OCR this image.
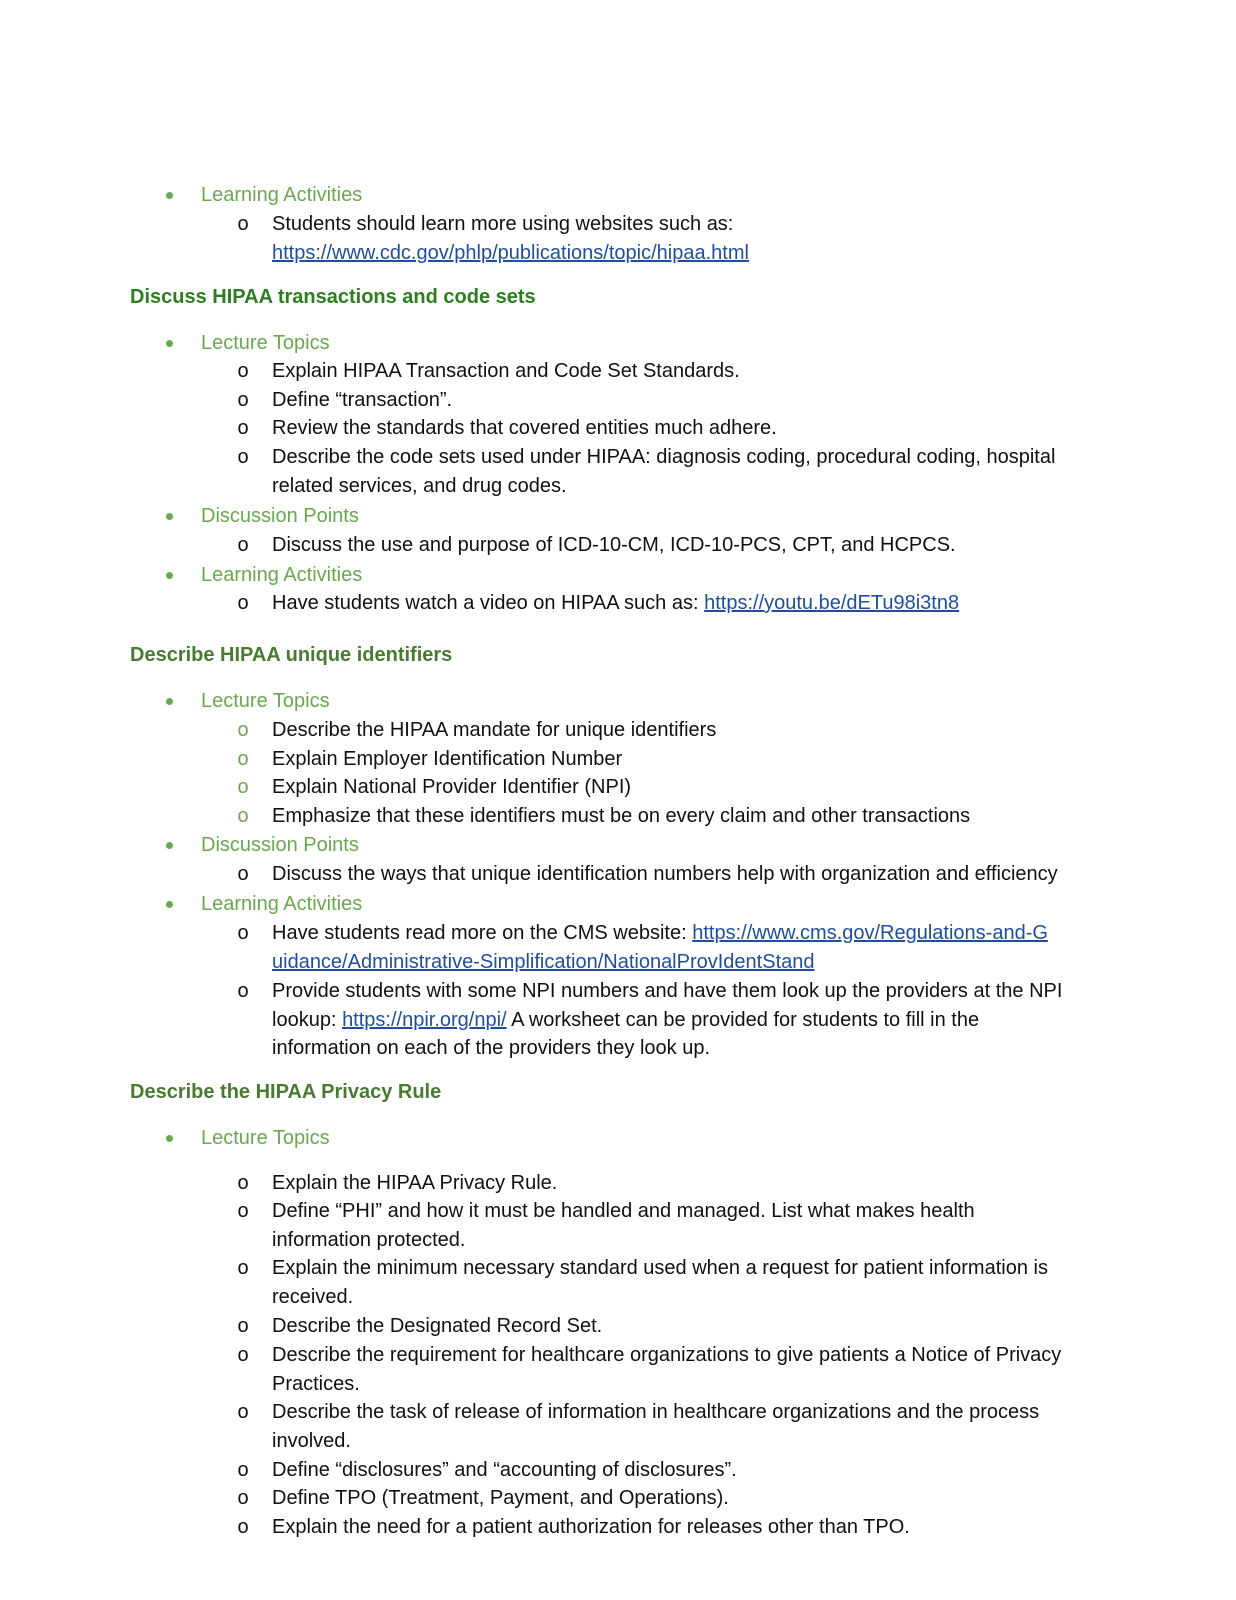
Learning Activities
o Students should learn more using websites such as:
https://www.cdc.gov/phlp/publications/topic/hipaa.html
Discuss HIPAA transactions and code sets
Lecture Topics
o Explain HIPAA Transaction and Code Set Standards.
o Define “transaction”.
o Review the standards that covered entities much adhere.
o Describe the code sets used under HIPAA: diagnosis coding, procedural coding, hospital related services, and drug codes.
Discussion Points
o Discuss the use and purpose of ICD-10-CM, ICD-10-PCS, CPT, and HCPCS.
Learning Activities
o Have students watch a video on HIPAA such as: https://youtu.be/dETu98i3tn8
Describe HIPAA unique identifiers
Lecture Topics
o Describe the HIPAA mandate for unique identifiers
o Explain Employer Identification Number
o Explain National Provider Identifier (NPI)
o Emphasize that these identifiers must be on every claim and other transactions
Discussion Points
o Discuss the ways that unique identification numbers help with organization and efficiency
Learning Activities
o Have students read more on the CMS website: https://www.cms.gov/Regulations-and-Guidance/Administrative-Simplification/NationalProvIdentStand
o Provide students with some NPI numbers and have them look up the providers at the NPI lookup: https://npir.org/npi/ A worksheet can be provided for students to fill in the information on each of the providers they look up.
Describe the HIPAA Privacy Rule
Lecture Topics
o Explain the HIPAA Privacy Rule.
o Define “PHI” and how it must be handled and managed. List what makes health information protected.
o Explain the minimum necessary standard used when a request for patient information is received.
o Describe the Designated Record Set.
o Describe the requirement for healthcare organizations to give patients a Notice of Privacy Practices.
o Describe the task of release of information in healthcare organizations and the process involved.
o Define “disclosures” and “accounting of disclosures”.
o Define TPO (Treatment, Payment, and Operations).
o Explain the need for a patient authorization for releases other than TPO.
